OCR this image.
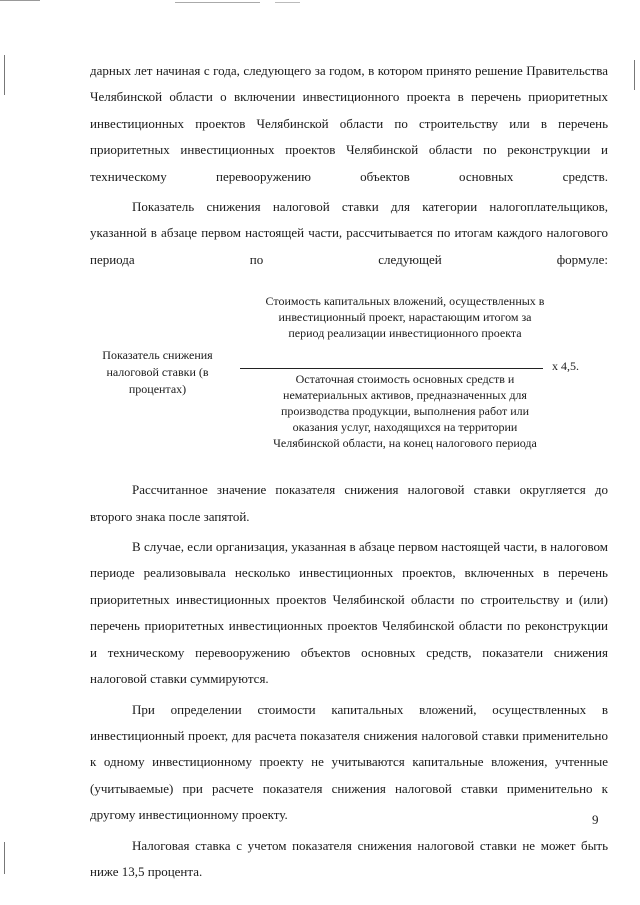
дарных лет начиная с года, следующего за годом, в котором принято решение Правительства Челябинской области о включении инвестиционного проекта в перечень приоритетных инвестиционных проектов Челябинской области по строительству или в перечень приоритетных инвестиционных проектов Челябинской области по реконструкции и техническому перевооружению объектов основных средств.

Показатель снижения налоговой ставки для категории налогоплательщиков, указанной в абзаце первом настоящей части, рассчитывается по итогам каждого налогового периода по следующей формуле:

Показатель снижения налоговой ставки (в процентах)
Стоимость капитальных вложений, осуществленных в инвестиционный проект, нарастающим итогом за период реализации инвестиционного проекта
х 4,5.
Остаточная стоимость основных средств и нематериальных активов, предназначенных для производства продукции, выполнения работ или оказания услуг, находящихся на территории Челябинской области, на конец налогового периода

Рассчитанное значение показателя снижения налоговой ставки округляется до второго знака после запятой.

В случае, если организация, указанная в абзаце первом настоящей части, в налоговом периоде реализовывала несколько инвестиционных проектов, включенных в перечень приоритетных инвестиционных проектов Челябинской области по строительству и (или) перечень приоритетных инвестиционных проектов Челябинской области по реконструкции и техническому перевооружению объектов основных средств, показатели снижения налоговой ставки суммируются.

При определении стоимости капитальных вложений, осуществленных в инвестиционный проект, для расчета показателя снижения налоговой ставки применительно к одному инвестиционному проекту не учитываются капитальные вложения, учтенные (учитываемые) при расчете показателя снижения налоговой ставки применительно к другому инвестиционному проекту.

Налоговая ставка с учетом показателя снижения налоговой ставки не может быть ниже 13,5 процента.

9
